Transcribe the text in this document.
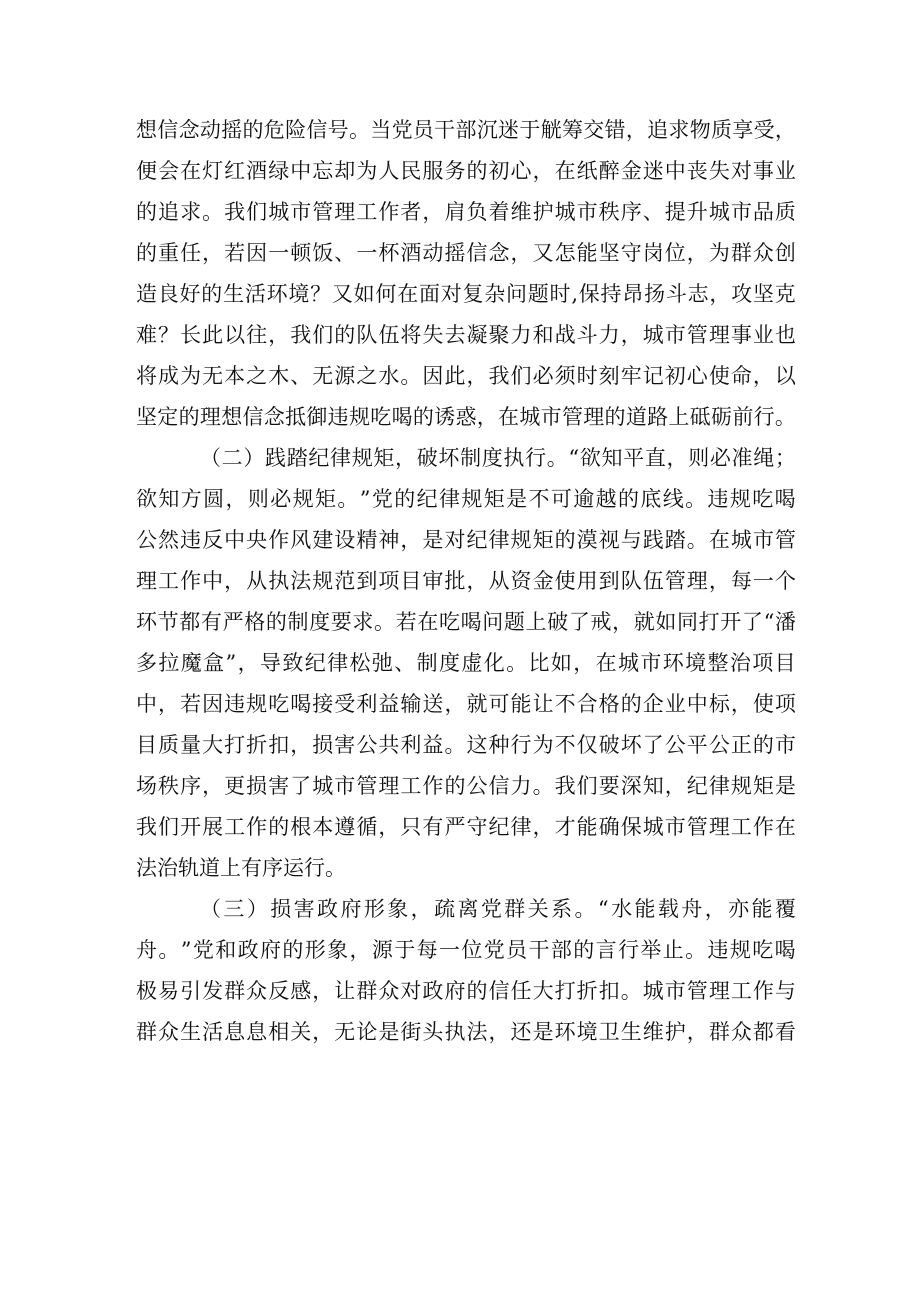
想 信 念 动 摇 的 危 险 信 号 。 当 党 员 干 部 沉 迷 于 觥 筹 交 错 ， 追 求 物 质 享 受 ，
便 会 在 灯 红 酒 绿 中 忘 却 为 人 民 服 务 的 初 心 ， 在 纸 醉 金 迷 中 丧 失 对 事 业
的 追 求 。 我 们 城 市 管 理 工 作 者 ， 肩 负 着 维 护 城 市 秩 序 、 提 升 城 市 品 质
的 重 任 ， 若 因 一 顿 饭 、 一 杯 酒 动 摇 信 念 ， 又 怎 能 坚 守 岗 位 ， 为 群 众 创
造 良 好 的 生 活 环 境 ？ 又 如 何 在 面 对 复 杂 问 题 时 , 保 持 昂 扬 斗 志 ， 攻 坚 克
难 ？ 长 此 以 往 ， 我 们 的 队 伍 将 失 去 凝 聚 力 和 战 斗 力 ， 城 市 管 理 事 业 也
将 成 为 无 本 之 木 、 无 源 之 水 。 因 此 ， 我 们 必 须 时 刻 牢 记 初 心 使 命 ， 以
坚 定 的 理 想 信 念 抵 御 违 规 吃 喝 的 诱 惑 ， 在 城 市 管 理 的 道 路 上 砥 砺 前 行 。
（ 二 ） 践 踏 纪 律 规 矩 ， 破 坏 制 度 执 行 。 “ 欲 知 平 直 ， 则 必 准 绳 ；
欲 知 方 圆 ， 则 必 规 矩 。 ” 党 的 纪 律 规 矩 是 不 可 逾 越 的 底 线 。 违 规 吃 喝
公 然 违 反 中 央 作 风 建 设 精 神 ， 是 对 纪 律 规 矩 的 漠 视 与 践 踏 。 在 城 市 管
理 工 作 中 ， 从 执 法 规 范 到 项 目 审 批 ， 从 资 金 使 用 到 队 伍 管 理 ， 每 一 个
环 节 都 有 严 格 的 制 度 要 求 。 若 在 吃 喝 问 题 上 破 了 戒 ， 就 如 同 打 开 了 “ 潘
多 拉 魔 盒 ” ， 导 致 纪 律 松 弛 、 制 度 虚 化 。 比 如 ， 在 城 市 环 境 整 治 项 目
中 ， 若 因 违 规 吃 喝 接 受 利 益 输 送 ， 就 可 能 让 不 合 格 的 企 业 中 标 ， 使 项
目 质 量 大 打 折 扣 ， 损 害 公 共 利 益 。 这 种 行 为 不 仅 破 坏 了 公 平 公 正 的 市
场 秩 序 ， 更 损 害 了 城 市 管 理 工 作 的 公 信 力 。 我 们 要 深 知 ， 纪 律 规 矩 是
我 们 开 展 工 作 的 根 本 遵 循 ， 只 有 严 守 纪 律 ， 才 能 确 保 城 市 管 理 工 作 在
法治轨道上有序运行。
（ 三 ） 损 害 政 府 形 象 ， 疏 离 党 群 关 系 。 “ 水 能 载 舟 ， 亦 能 覆
舟 。 ” 党 和 政 府 的 形 象 ， 源 于 每 一 位 党 员 干 部 的 言 行 举 止 。 违 规 吃 喝
极 易 引 发 群 众 反 感 ， 让 群 众 对 政 府 的 信 任 大 打 折 扣 。 城 市 管 理 工 作 与
群 众 生 活 息 息 相 关 ， 无 论 是 街 头 执 法 ， 还 是 环 境 卫 生 维 护 ， 群 众 都 看
